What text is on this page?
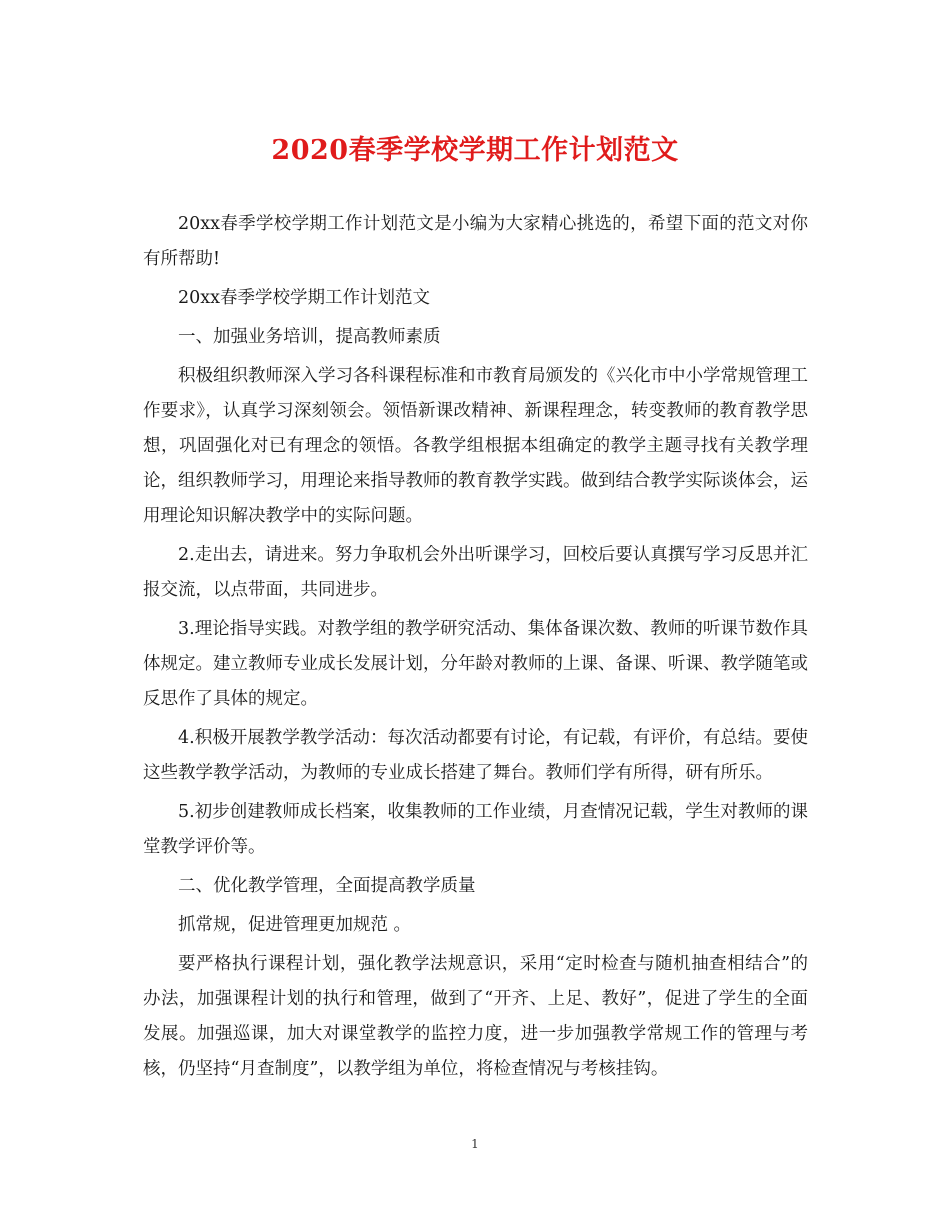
2020春季学校学期工作计划范文

20xx春季学校学期工作计划范文是小编为大家精心挑选的，希望下面的范文对你有所帮助!

20xx春季学校学期工作计划范文

一、加强业务培训，提高教师素质

积极组织教师深入学习各科课程标准和市教育局颁发的《兴化市中小学常规管理工作要求》，认真学习深刻领会。领悟新课改精神、新课程理念，转变教师的教育教学思想，巩固强化对已有理念的领悟。各教学组根据本组确定的教学主题寻找有关教学理论，组织教师学习，用理论来指导教师的教育教学实践。做到结合教学实际谈体会，运用理论知识解决教学中的实际问题。

2.走出去，请进来。努力争取机会外出听课学习，回校后要认真撰写学习反思并汇报交流，以点带面，共同进步。

3.理论指导实践。对教学组的教学研究活动、集体备课次数、教师的听课节数作具体规定。建立教师专业成长发展计划，分年龄对教师的上课、备课、听课、教学随笔或反思作了具体的规定。

4.积极开展教学教学活动：每次活动都要有讨论，有记载，有评价，有总结。要使这些教学教学活动，为教师的专业成长搭建了舞台。教师们学有所得，研有所乐。

5.初步创建教师成长档案，收集教师的工作业绩，月查情况记载，学生对教师的课堂教学评价等。

二、优化教学管理，全面提高教学质量

抓常规，促进管理更加规范 。

要严格执行课程计划，强化教学法规意识，采用“定时检查与随机抽查相结合”的办法，加强课程计划的执行和管理，做到了“开齐、上足、教好”，促进了学生的全面发展。加强巡课，加大对课堂教学的监控力度，进一步加强教学常规工作的管理与考核，仍坚持“月查制度”，以教学组为单位，将检查情况与考核挂钩。

1
